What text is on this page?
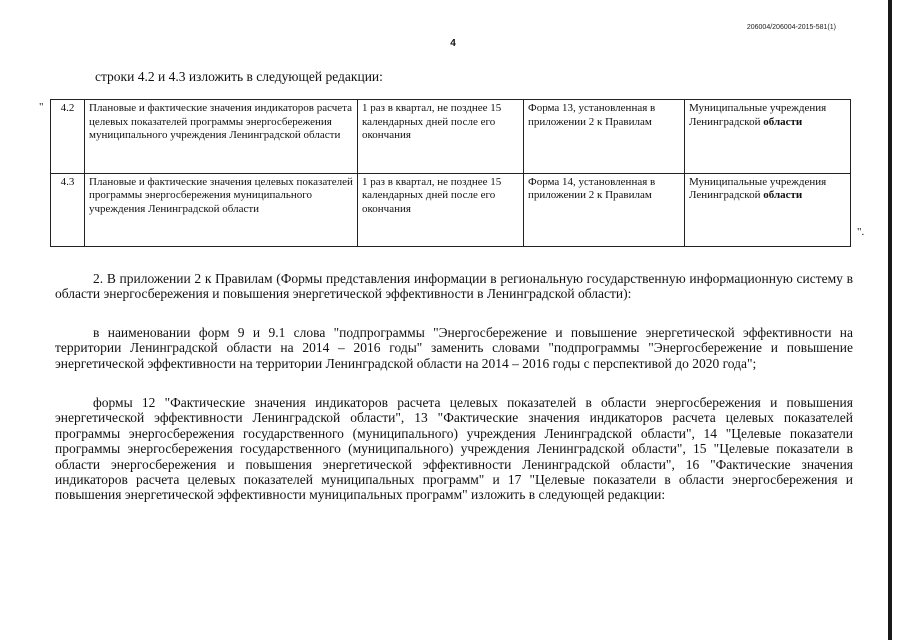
206004/206004-2015-581(1)
4
строки 4.2 и 4.3 изложить в следующей редакции:
" 4.2	Плановые и фактические значения индикаторов расчета целевых показателей программы энергосбережения муниципального учреждения Ленинградской области	1 раз в квартал, не позднее 15 календарных дней после его окончания	Форма 13, установленная в приложении 2 к Правилам	Муниципальные учреждения Ленинградской области
4.3	Плановые и фактические значения целевых показателей программы энергосбережения муниципального учреждения Ленинградской области	1 раз в квартал, не позднее 15 календарных дней после его окончания	Форма 14, установленная в приложении 2 к Правилам	Муниципальные учреждения Ленинградской области
".
2. В приложении 2 к Правилам (Формы представления информации в региональную государственную информационную систему в области энергосбережения и повышения энергетической эффективности в Ленинградской области):
в наименовании форм 9 и 9.1 слова "подпрограммы "Энергосбережение и повышение энергетической эффективности на территории Ленинградской области на 2014 – 2016 годы" заменить словами "подпрограммы "Энергосбережение и повышение энергетической эффективности на территории Ленинградской области на 2014 – 2016 годы с перспективой до 2020 года";
формы 12 "Фактические значения индикаторов расчета целевых показателей в области энергосбережения и повышения энергетической эффективности Ленинградской области", 13 "Фактические значения индикаторов расчета целевых показателей программы энергосбережения государственного (муниципального) учреждения Ленинградской области", 14 "Целевые показатели программы энергосбережения государственного (муниципального) учреждения Ленинградской области", 15 "Целевые показатели в области энергосбережения и повышения энергетической эффективности Ленинградской области", 16 "Фактические значения индикаторов расчета целевых показателей муниципальных программ" и 17 "Целевые показатели в области энергосбережения и повышения энергетической эффективности муниципальных программ" изложить в следующей редакции:
